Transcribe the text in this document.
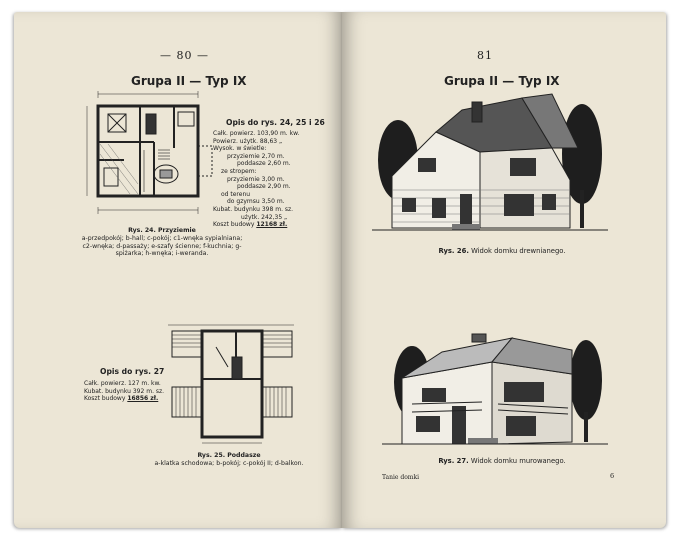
— 80 —
Grupa II — Typ IX
Opis do rys. 24, 25 i 26
Całk. powierz. 103,90 m. kw.
Powierz. użytk. 88,63 „
Wysok. w świetle:
przyziemie 2,70 m.
poddasze 2,60 m.
ze stropem:
przyziemie 3,00 m.
poddasze 2,90 m.
od terenu
do gzymsu 3,50 m.
Kubat. budynku 398 m. sz.
użytk. 242,35 „
Koszt budowy 12168 zł.
Rys. 24. Przyziemie
a-przedpokój; b-hall; c-pokój; c1-wnęka sypialniana; c2-wnęka; d-passaży; e-szafy ścienne; f-kuchnia; g-spiżarka; h-wnęka; i-weranda.
Opis do rys. 27
Całk. powierz. 127 m. kw.
Kubat. budynku 392 m. sz.
Koszt budowy 16856 zł.
Rys. 25. Poddasze
a-klatka schodowa; b-pokój; c-pokój II; d-balkon.
81
Grupa II — Typ IX
Rys. 26. Widok domku drewnianego.
Rys. 27. Widok domku murowanego.
Tanie domki	6
